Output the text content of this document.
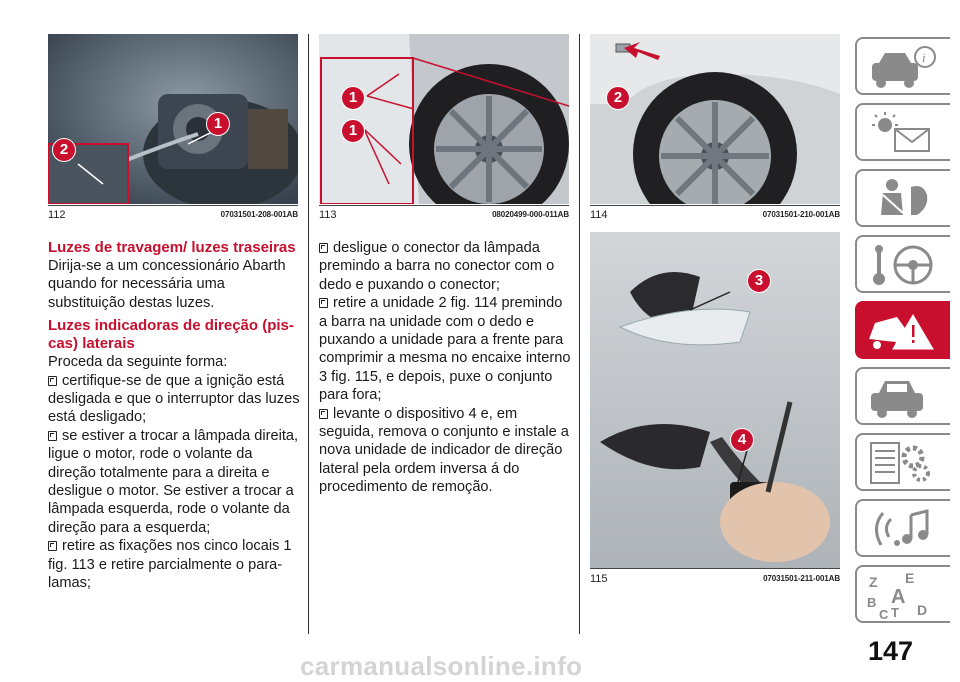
1
2
112	07031501-208-001AB
1
1
113	08020499-000-011AB
2
114	07031501-210-001AB
3
4
115	07031501-211-001AB

Luzes de travagem/ luzes traseiras

Dirija-se a um concessionário Abarth quando for necessária uma substituição destas luzes.

Luzes indicadoras de direção (pis-cas) laterais

Proceda da seguinte forma:

certifique-se de que a ignição está desligada e que o interruptor das luzes está desligado;

se estiver a trocar a lâmpada direita, ligue o motor, rode o volante da direção totalmente para a direita e desligue o motor. Se estiver a trocar a lâmpada esquerda, rode o volante da direção para a esquerda;

retire as fixações nos cinco locais 1 fig. 113 e retire parcialmente o para-lamas;

desligue o conector da lâmpada premindo a barra no conector com o dedo e puxando o conector;

retire a unidade 2 fig. 114 premindo a barra na unidade com o dedo e puxando a unidade para a frente para comprimir a mesma no encaixe interno 3 fig. 115, e depois, puxe o conjunto para fora;

levante o dispositivo 4 e, em seguida, remova o conjunto e instale a nova unidade de indicador de direção lateral pela ordem inversa á do procedimento de remoção.

i
Z E
A
B
C D
T
147
carmanualsonline.info
